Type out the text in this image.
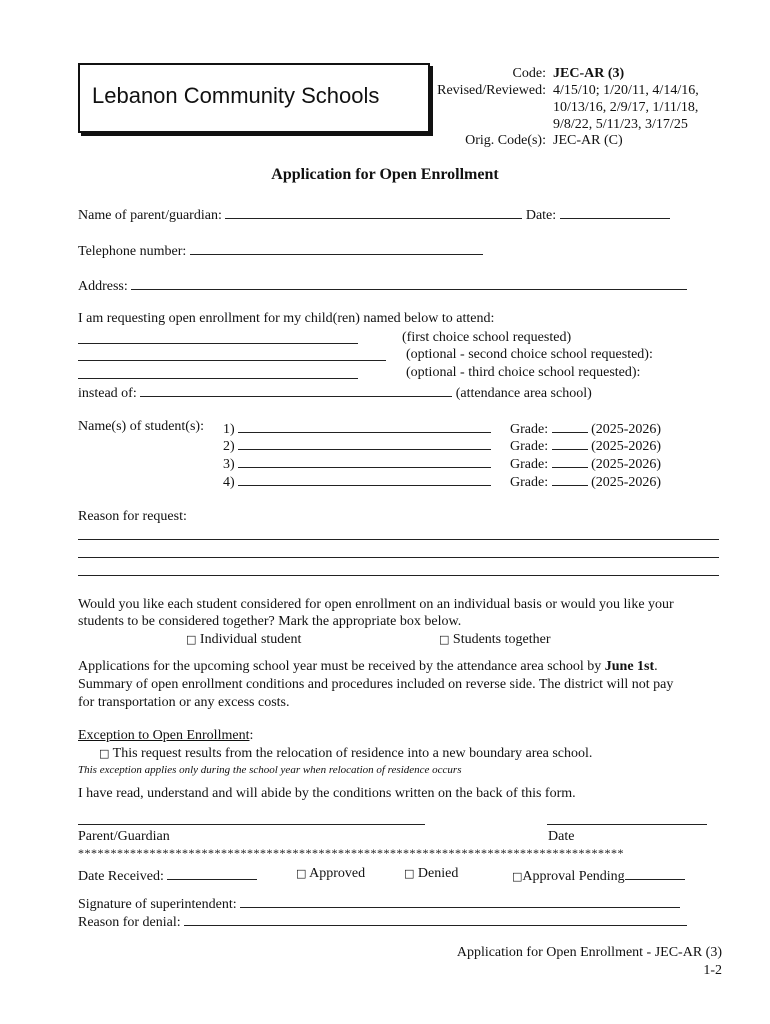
Lebanon Community Schools
Code: JEC-AR (3)
Revised/Reviewed: 4/15/10; 1/20/11, 4/14/16,
10/13/16, 2/9/17, 1/11/18,
9/8/22, 5/11/23, 3/17/25
Orig. Code(s): JEC-AR (C)
Application for Open Enrollment
Name of parent/guardian:	Date:
Telephone number:
Address:
I am requesting open enrollment for my child(ren) named below to attend:
(first choice school requested)
(optional - second choice school requested):
(optional - third choice school requested):
instead of:	(attendance area school)
Name(s) of student(s): 1)	Grade:	(2025-2026)
2)	Grade:	(2025-2026)
3)	Grade:	(2025-2026)
4)	Grade:	(2025-2026)
Reason for request:
Would you like each student considered for open enrollment on an individual basis or would you like your
students to be considered together? Mark the appropriate box below.
□ Individual student	□ Students together
Applications for the upcoming school year must be received by the attendance area school by June 1st.
Summary of open enrollment conditions and procedures included on reverse side. The district will not pay
for transportation or any excess costs.
Exception to Open Enrollment:
□ This request results from the relocation of residence into a new boundary area school.
This exception applies only during the school year when relocation of residence occurs
I have read, understand and will abide by the conditions written on the back of this form.
Parent/Guardian	Date
************************************************************************************
Date Received:	□ Approved	□ Denied	□Approval Pending
Signature of superintendent:
Reason for denial:
Application for Open Enrollment - JEC-AR (3)
1-2
